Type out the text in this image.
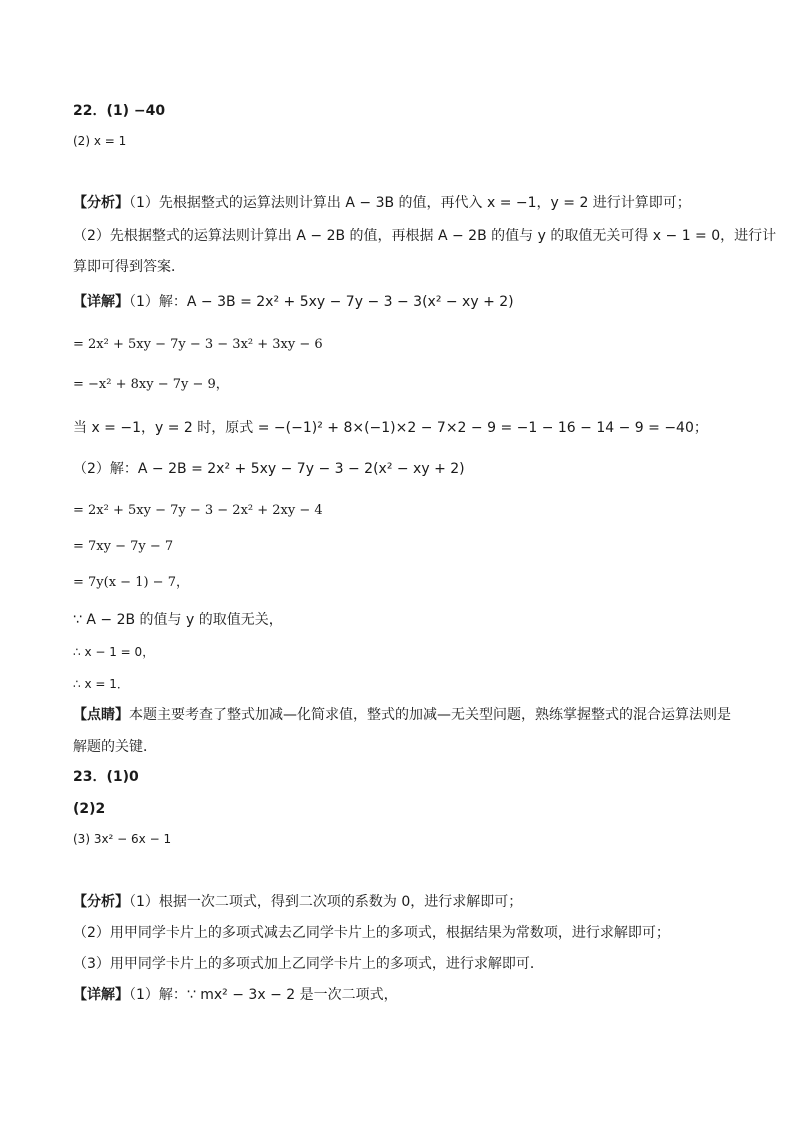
22．(1) −40
(2) x = 1
【分析】（1）先根据整式的运算法则计算出 A − 3B 的值，再代入 x = −1，y = 2 进行计算即可；
（2）先根据整式的运算法则计算出 A − 2B 的值，再根据 A − 2B 的值与 y 的取值无关可得 x − 1 = 0，进行计
算即可得到答案．
【详解】（1）解：A − 3B = 2x² + 5xy − 7y − 3 − 3(x² − xy + 2)
= 2x² + 5xy − 7y − 3 − 3x² + 3xy − 6
= −x² + 8xy − 7y − 9，
当 x = −1，y = 2 时，原式 = −(−1)² + 8×(−1)×2 − 7×2 − 9 = −1 − 16 − 14 − 9 = −40；
（2）解：A − 2B = 2x² + 5xy − 7y − 3 − 2(x² − xy + 2)
= 2x² + 5xy − 7y − 3 − 2x² + 2xy − 4
= 7xy − 7y − 7
= 7y(x − 1) − 7，
∵ A − 2B 的值与 y 的取值无关，
∴ x − 1 = 0，
∴ x = 1．
【点睛】本题主要考查了整式加减—化简求值，整式的加减—无关型问题，熟练掌握整式的混合运算法则是
解题的关键．
23．(1)0
(2)2
(3) 3x² − 6x − 1
【分析】（1）根据一次二项式，得到二次项的系数为 0，进行求解即可；
（2）用甲同学卡片上的多项式减去乙同学卡片上的多项式，根据结果为常数项，进行求解即可；
（3）用甲同学卡片上的多项式加上乙同学卡片上的多项式，进行求解即可．
【详解】（1）解：∵ mx² − 3x − 2 是一次二项式，
